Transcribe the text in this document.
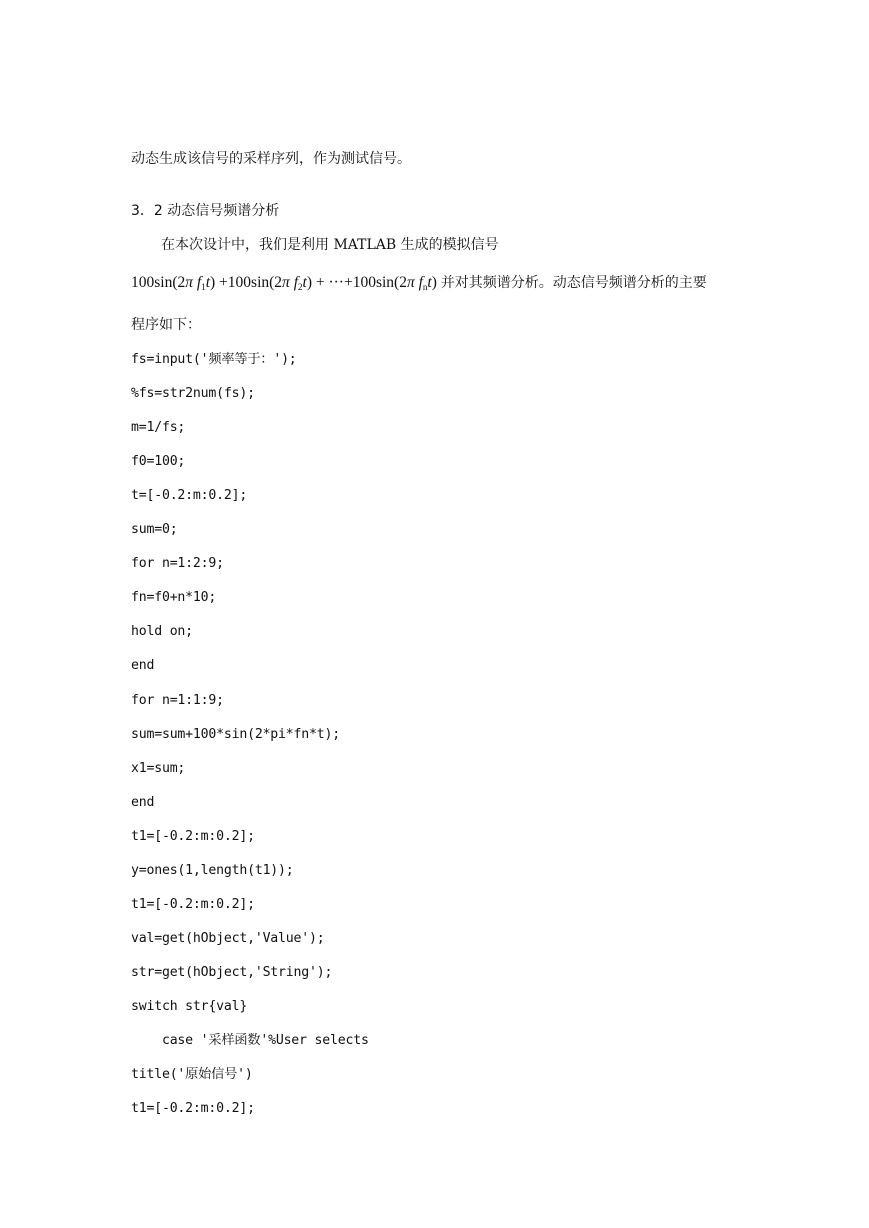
动态生成该信号的采样序列，作为测试信号。
3．2 动态信号频谱分析
在本次设计中，我们是利用 MATLAB 生成的模拟信号
100sin(2π $f_1t) +100\sin(2\pi$ $f_2t) + \cdot\cdot\cdot+100\sin(2\pi$ $f_nt$) 并对其频谱分析。动态信号频谱分析的主要
程序如下：
fs=input('频率等于：');
%fs=str2num(fs);
m=1/fs;
f0=100;
t=[-0.2:m:0.2];
sum=0;
for n=1:2:9;
fn=f0+n*10;
hold on;
end
for n=1:1:9;
sum=sum+100*sin(2*pi*fn*t);
x1=sum;
end
t1=[-0.2:m:0.2];
y=ones(1,length(t1));
t1=[-0.2:m:0.2];
val=get(hObject,'Value');
str=get(hObject,'String');
switch str{val}
case '采样函数'%User selects
title('原始信号')
t1=[-0.2:m:0.2];
